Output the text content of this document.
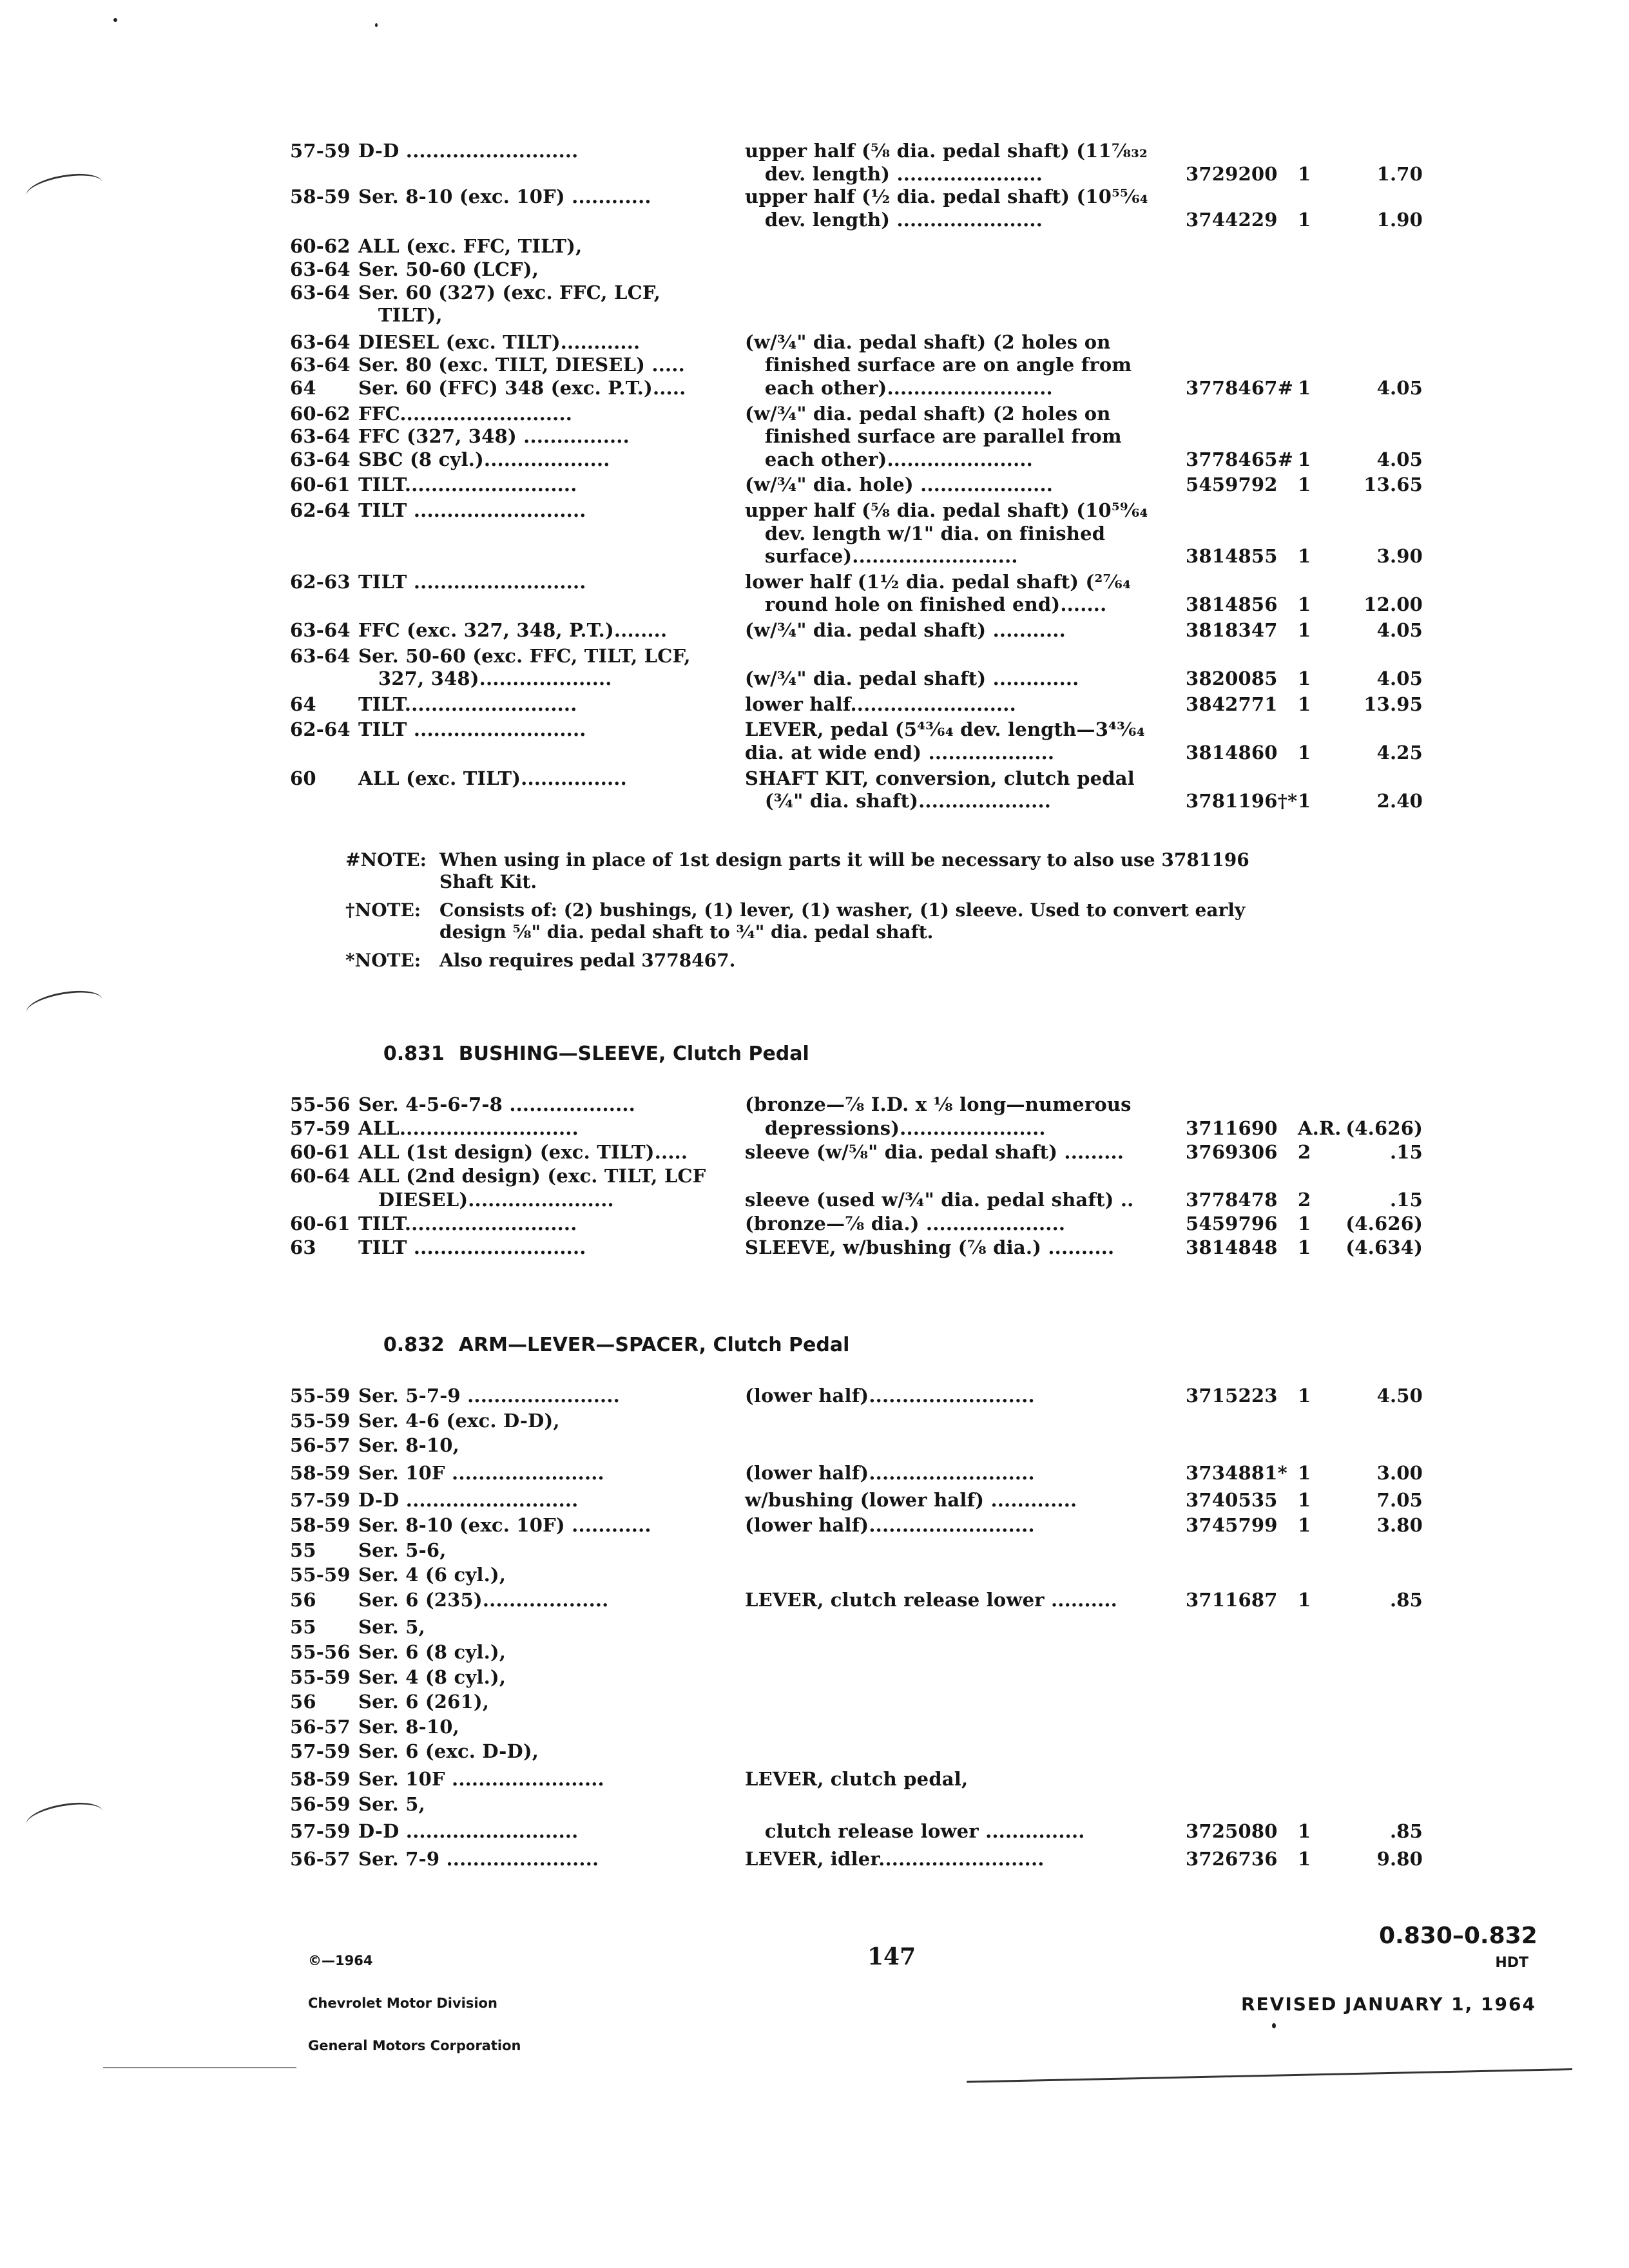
57-59 D-D ..........................	upper half (⅝ dia. pedal shaft) (11⅞₃₂
dev. length) ......................	3729200 1	1.70
58-59 Ser. 8-10 (exc. 10F) ............	upper half (½ dia. pedal shaft) (10⁵⁵⁄₆₄
dev. length) ......................	3744229 1	1.90
60-62 ALL (exc. FFC, TILT),
63-64 Ser. 50-60 (LCF),
63-64 Ser. 60 (327) (exc. FFC, LCF,
TILT),
63-64 DIESEL (exc. TILT)............	(w/¾" dia. pedal shaft) (2 holes on
63-64 Ser. 80 (exc. TILT, DIESEL) .....	finished surface are on angle from
64 Ser. 60 (FFC) 348 (exc. P.T.).....	each other).........................	3778467# 1	4.05
60-62 FFC..........................	(w/¾" dia. pedal shaft) (2 holes on
63-64 FFC (327, 348) ................	finished surface are parallel from
63-64 SBC (8 cyl.)...................	each other)......................	3778465# 1	4.05
60-61 TILT..........................	(w/¾" dia. hole) ....................	5459792 1	13.65
62-64 TILT ..........................	upper half (⅝ dia. pedal shaft) (10⁵⁹⁄₆₄
dev. length w/1" dia. on finished
surface).........................	3814855 1	3.90
62-63 TILT ..........................	lower half (1½ dia. pedal shaft) (²⁷⁄₆₄
round hole on finished end).......	3814856 1	12.00
63-64 FFC (exc. 327, 348, P.T.)........	(w/¾" dia. pedal shaft) ...........	3818347 1	4.05
63-64 Ser. 50-60 (exc. FFC, TILT, LCF,
327, 348)....................	(w/¾" dia. pedal shaft) .............	3820085 1	4.05
64 TILT..........................	lower half.........................	3842771 1	13.95
62-64 TILT ..........................	LEVER, pedal (5⁴³⁄₆₄ dev. length—3⁴³⁄₆₄
dia. at wide end) ...................	3814860 1	4.25
60 ALL (exc. TILT)................	SHAFT KIT, conversion, clutch pedal
(¾" dia. shaft)....................	3781196†* 1	2.40
#NOTE: When using in place of 1st design parts it will be necessary to also use 3781196
Shaft Kit.
†NOTE: Consists of: (2) bushings, (1) lever, (1) washer, (1) sleeve. Used to convert early
design ⅝" dia. pedal shaft to ¾" dia. pedal shaft.
*NOTE: Also requires pedal 3778467.

0.831 BUSHING—SLEEVE, Clutch Pedal

55-56 Ser. 4-5-6-7-8 ...................	(bronze—⅞ I.D. x ⅛ long—numerous
57-59 ALL...........................	depressions)......................	3711690 A.R. (4.626)
60-61 ALL (1st design) (exc. TILT).....	sleeve (w/⅝" dia. pedal shaft) .........	3769306 2	.15
60-64 ALL (2nd design) (exc. TILT, LCF
DIESEL)......................	sleeve (used w/¾" dia. pedal shaft) ..	3778478 2	.15
60-61 TILT..........................	(bronze—⅞ dia.) .....................	5459796 1	(4.626)
63 TILT ..........................	SLEEVE, w/bushing (⅞ dia.) ..........	3814848 1	(4.634)

0.832 ARM—LEVER—SPACER, Clutch Pedal

55-59 Ser. 5-7-9 .......................	(lower half).........................	3715223 1	4.50
55-59 Ser. 4-6 (exc. D-D),
56-57 Ser. 8-10,
58-59 Ser. 10F .......................	(lower half).........................	3734881* 1	3.00
57-59 D-D ..........................	w/bushing (lower half) .............	3740535 1	7.05
58-59 Ser. 8-10 (exc. 10F) ............	(lower half).........................	3745799 1	3.80
55 Ser. 5-6,
55-59 Ser. 4 (6 cyl.),
56 Ser. 6 (235)...................	LEVER, clutch release lower ..........	3711687 1	.85
55 Ser. 5,
55-56 Ser. 6 (8 cyl.),
55-59 Ser. 4 (8 cyl.),
56 Ser. 6 (261),
56-57 Ser. 8-10,
57-59 Ser. 6 (exc. D-D),
58-59 Ser. 10F .......................	LEVER, clutch pedal,
56-59 Ser. 5,
57-59 D-D ..........................	clutch release lower ...............	3725080 1	.85
56-57 Ser. 7-9 .......................	LEVER, idler.........................	3726736 1	9.80

©—1964

Chevrolet Motor Division

General Motors Corporation

147
0.830–0.832
HDT
REVISED JANUARY 1, 1964
